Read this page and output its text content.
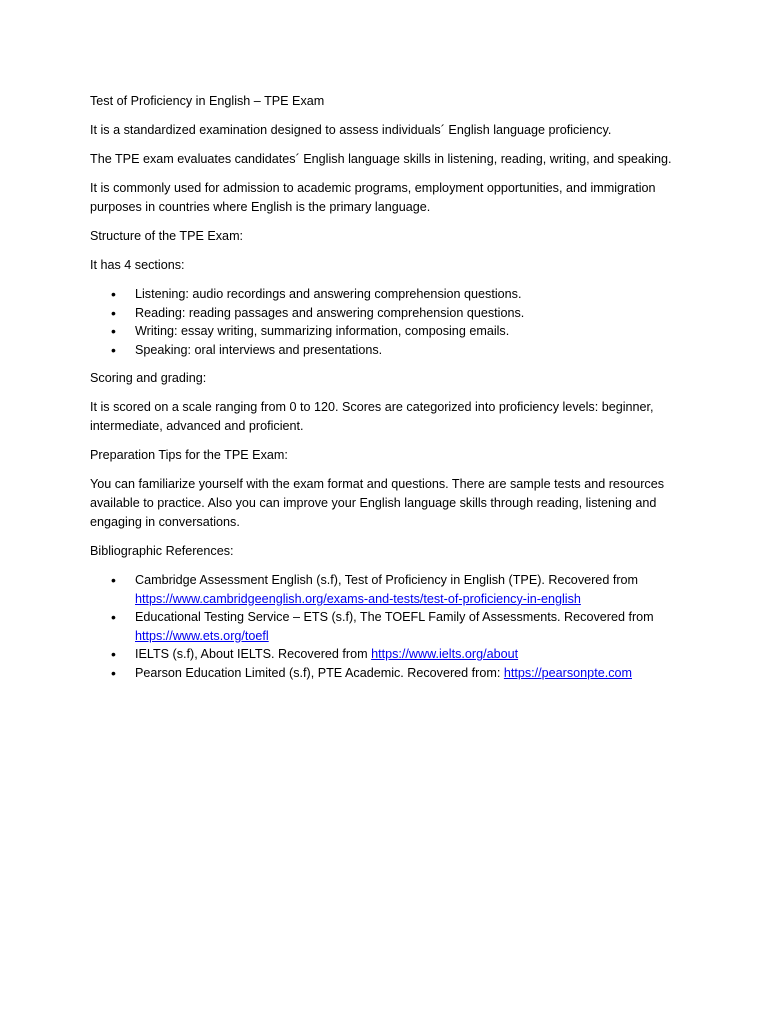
Test of Proficiency in English – TPE Exam

It is a standardized examination designed to assess individuals´ English language proficiency.

The TPE exam evaluates candidates´ English language skills in listening, reading, writing, and speaking.

It is commonly used for admission to academic programs, employment opportunities, and immigration purposes in countries where English is the primary language.

Structure of the TPE Exam:

It has 4 sections:

• Listening: audio recordings and answering comprehension questions.
• Reading: reading passages and answering comprehension questions.
• Writing: essay writing, summarizing information, composing emails.
• Speaking: oral interviews and presentations.

Scoring and grading:

It is scored on a scale ranging from 0 to 120. Scores are categorized into proficiency levels: beginner, intermediate, advanced and proficient.

Preparation Tips for the TPE Exam:

You can familiarize yourself with the exam format and questions. There are sample tests and resources available to practice. Also you can improve your English language skills through reading, listening and engaging in conversations.

Bibliographic References:

• Cambridge Assessment English (s.f), Test of Proficiency in English (TPE). Recovered from https://www.cambridgeenglish.org/exams-and-tests/test-of-proficiency-in-english
• Educational Testing Service – ETS (s.f), The TOEFL Family of Assessments. Recovered from https://www.ets.org/toefl
• IELTS (s.f), About IELTS. Recovered from https://www.ielts.org/about
• Pearson Education Limited (s.f), PTE Academic. Recovered from: https://pearsonpte.com
